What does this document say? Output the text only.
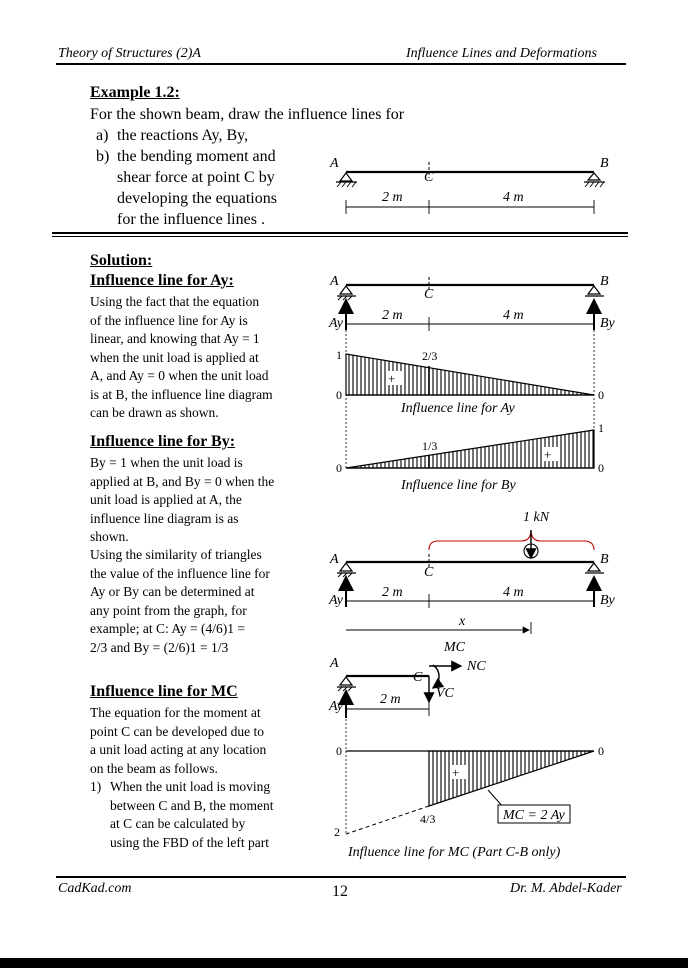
Theory of Structures (2)A	Influence Lines and Deformations
Example 1.2:
For the shown beam, draw the influence lines for
a) the reactions Ay, By,
b) the bending moment and
shear force at point C by
developing the equations
for the influence lines .
Solution:
Influence line for Ay:
Using the fact that the equation
of the influence line for Ay is
linear, and knowing that Ay = 1
when the unit load is applied at
A, and Ay = 0 when the unit load
is at B, the influence line diagram
can be drawn as shown.
Influence line for By:
By = 1 when the unit load is
applied at B, and By = 0 when the
unit load is applied at A, the
influence line diagram is as
shown.
Using the similarity of triangles
the value of the influence line for
Ay or By can be determined at
any point from the graph, for
example; at C: Ay = (4/6)1 =
2/3 and By = (2/6)1 = 1/3
Influence line for MC
The equation for the moment at
point C can be developed due to
a unit load acting at any location
on the beam as follows.
1) When the unit load is moving
between C and B, the moment
at C can be calculated by
using the FBD of the left part
A	B
C
2 m	4 m
A	B
C
Ay	By
2 m	4 m
+
1	2/3
0	0
Influence line for Ay
+
1
1/3
0	0
Influence line for By
1 kN
A	B
C
Ay	By
2 m	4 m
x
A
C
Ay
MC
NC
VC
2 m
+
0	0
2
4/3	MC = 2 Ay
Influence line for MC (Part C-B only)
CadKad.com	12	Dr. M. Abdel-Kader
